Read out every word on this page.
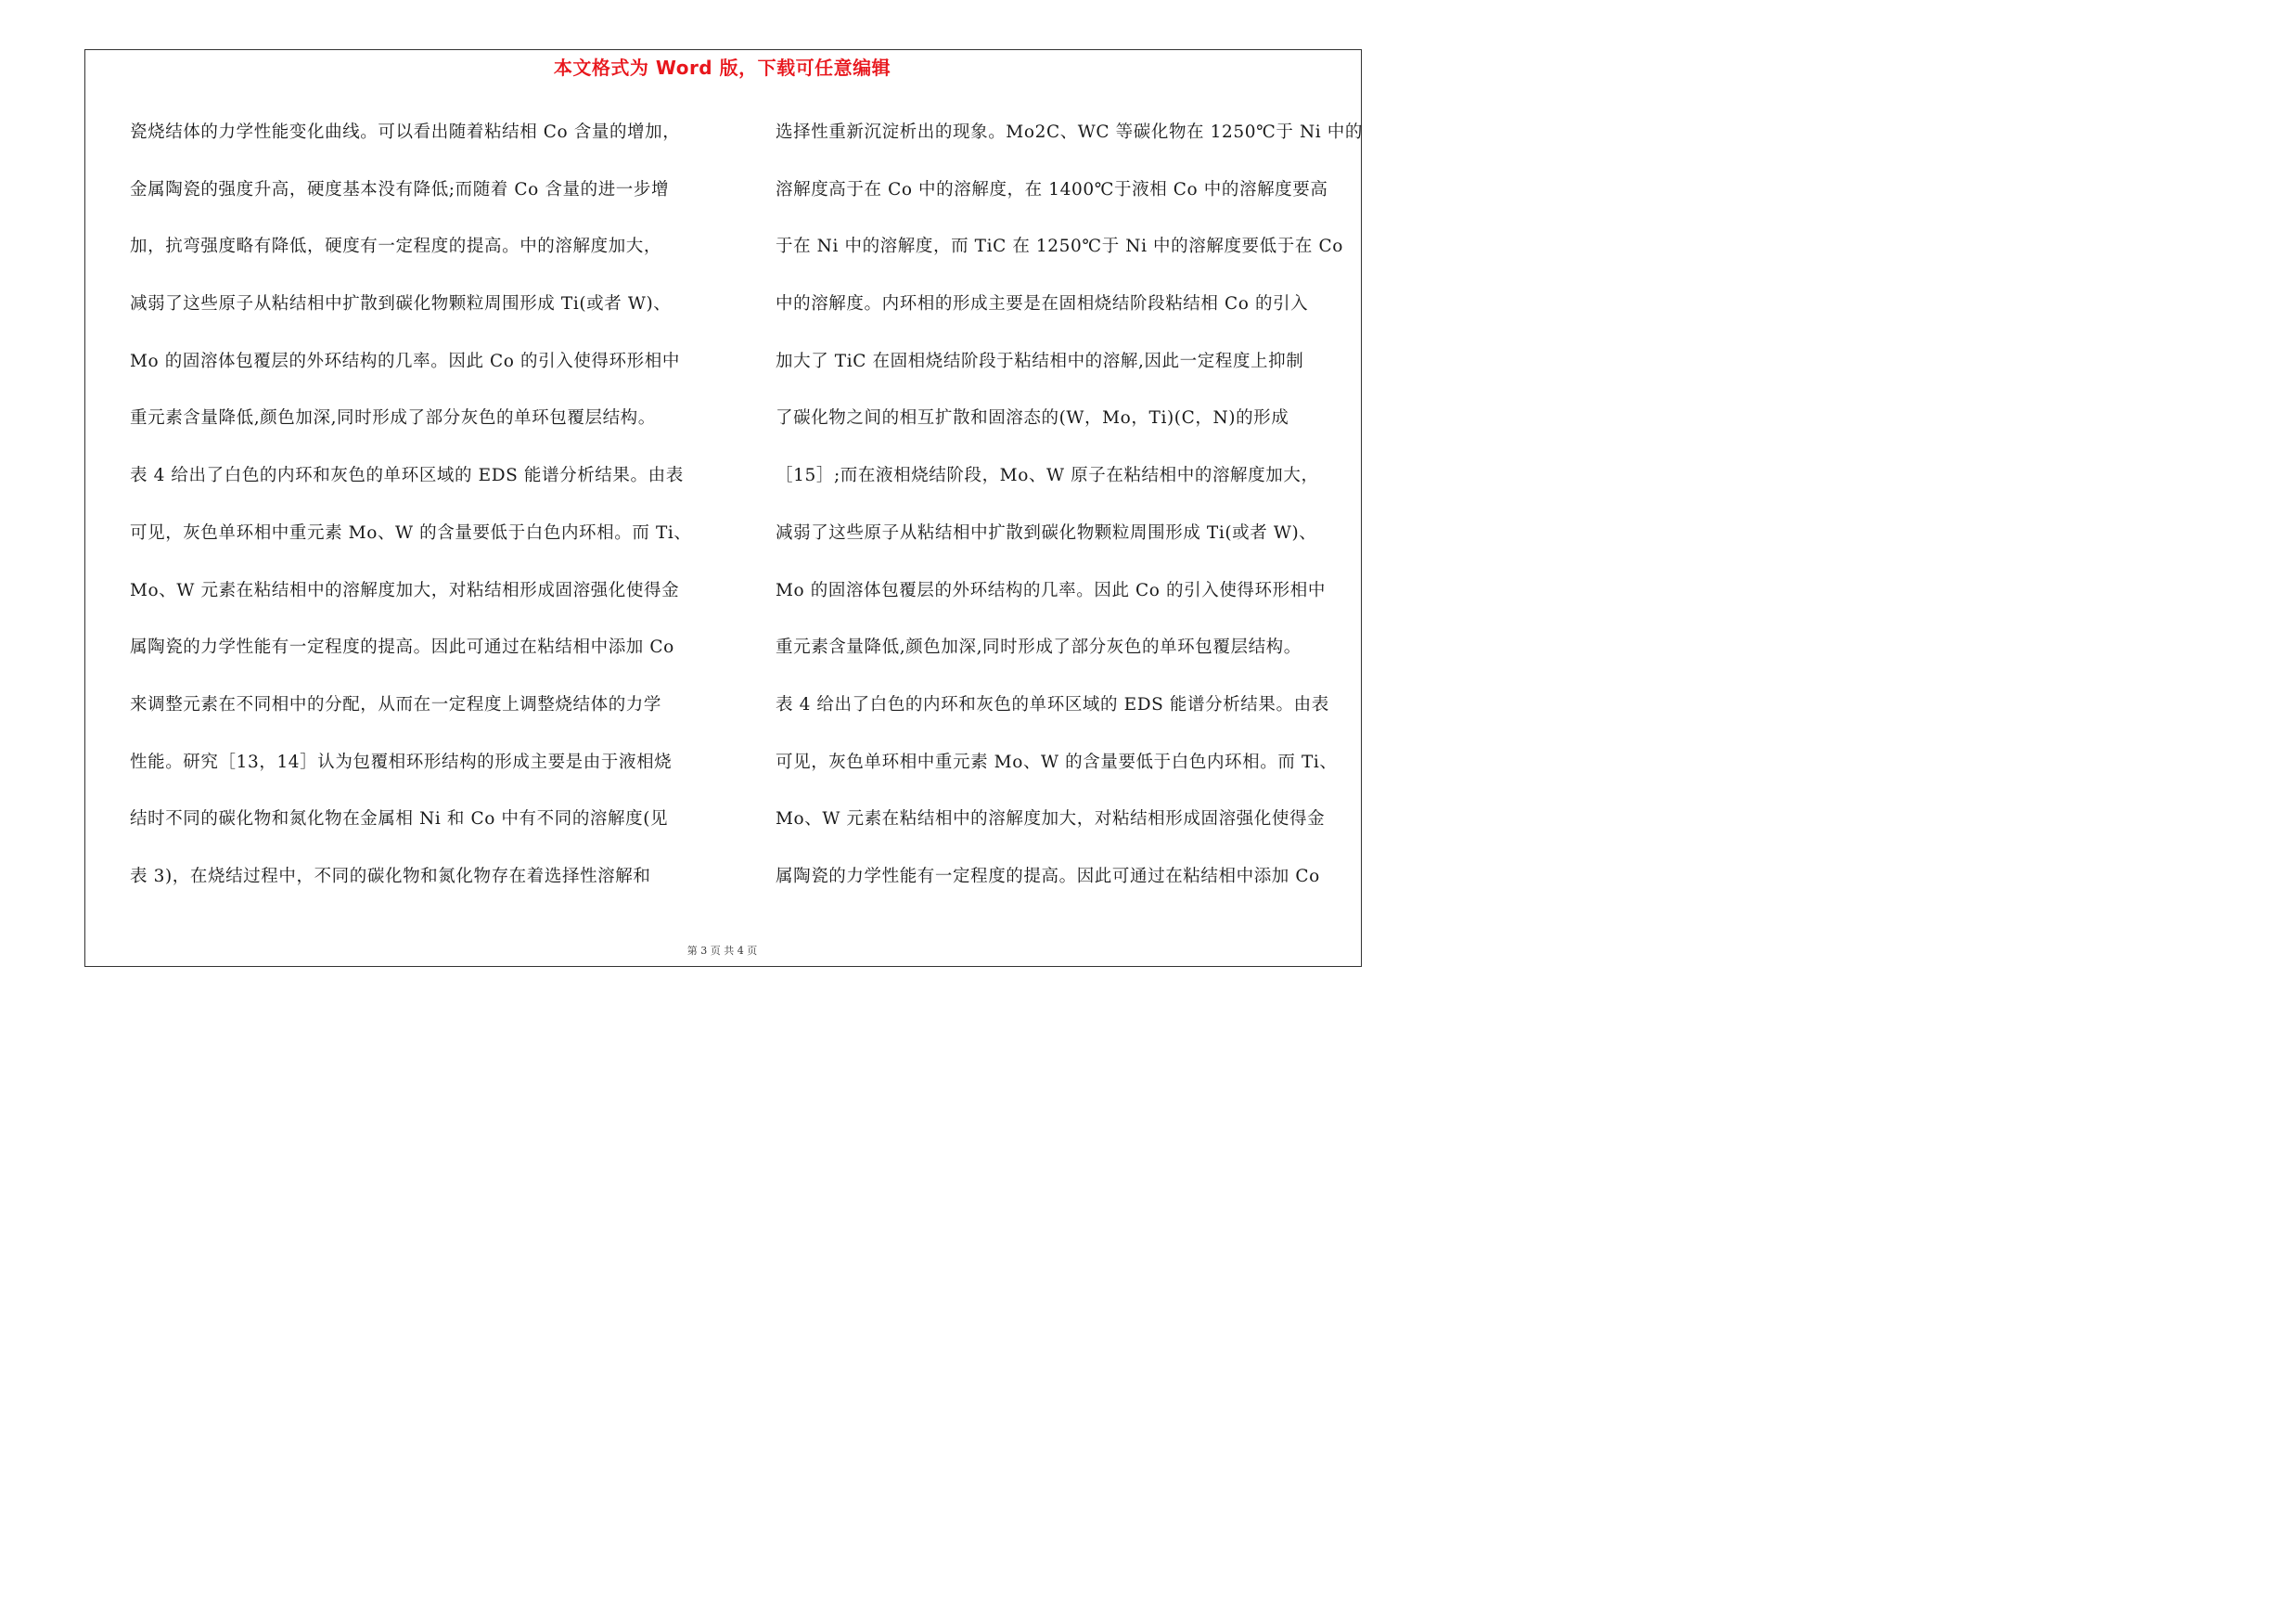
本文格式为 Word 版，下载可任意编辑
瓷烧结体的力学性能变化曲线。可以看出随着粘结相 Co 含量的增加，
金属陶瓷的强度升高，硬度基本没有降低;而随着 Co 含量的进一步增
加，抗弯强度略有降低，硬度有一定程度的提高。中的溶解度加大，
减弱了这些原子从粘结相中扩散到碳化物颗粒周围形成 Ti(或者 W)、
Mo 的固溶体包覆层的外环结构的几率。因此 Co 的引入使得环形相中
重元素含量降低,颜色加深,同时形成了部分灰色的单环包覆层结构。
表 4 给出了白色的内环和灰色的单环区域的 EDS 能谱分析结果。由表
可见，灰色单环相中重元素 Mo、W 的含量要低于白色内环相。而 Ti、
Mo、W 元素在粘结相中的溶解度加大，对粘结相形成固溶强化使得金
属陶瓷的力学性能有一定程度的提高。因此可通过在粘结相中添加 Co
来调整元素在不同相中的分配，从而在一定程度上调整烧结体的力学
性能。研究［13，14］认为包覆相环形结构的形成主要是由于液相烧
结时不同的碳化物和氮化物在金属相 Ni 和 Co 中有不同的溶解度(见
表 3)，在烧结过程中，不同的碳化物和氮化物存在着选择性溶解和
选择性重新沉淀析出的现象。Mo2C、WC 等碳化物在 1250℃于 Ni 中的
溶解度高于在 Co 中的溶解度，在 1400℃于液相 Co 中的溶解度要高
于在 Ni 中的溶解度，而 TiC 在 1250℃于 Ni 中的溶解度要低于在 Co
中的溶解度。内环相的形成主要是在固相烧结阶段粘结相 Co 的引入
加大了 TiC 在固相烧结阶段于粘结相中的溶解,因此一定程度上抑制
了碳化物之间的相互扩散和固溶态的(W，Mo，Ti)(C，N)的形成
［15］;而在液相烧结阶段，Mo、W 原子在粘结相中的溶解度加大，
减弱了这些原子从粘结相中扩散到碳化物颗粒周围形成 Ti(或者 W)、
Mo 的固溶体包覆层的外环结构的几率。因此 Co 的引入使得环形相中
重元素含量降低,颜色加深,同时形成了部分灰色的单环包覆层结构。
表 4 给出了白色的内环和灰色的单环区域的 EDS 能谱分析结果。由表
可见，灰色单环相中重元素 Mo、W 的含量要低于白色内环相。而 Ti、
Mo、W 元素在粘结相中的溶解度加大，对粘结相形成固溶强化使得金
属陶瓷的力学性能有一定程度的提高。因此可通过在粘结相中添加 Co
第 3 页 共 4 页
